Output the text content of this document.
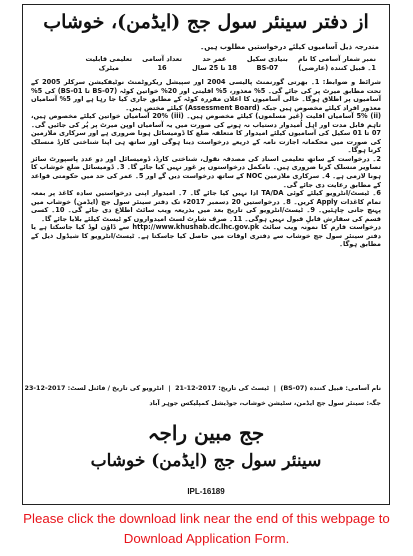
از دفتر سینئر سول جج (ایڈمن)، خوشاب
مندرجہ ذیل آسامیوں کیلئے درخواستیں مطلوب ہیں۔
نمبر شمار آسامی کا نام	بنیادی سکیل	عمر حد	تعداد آسامی	تعلیمی قابلیت
1۔ قبیل کنندہ (عارضی)	BS-07	18 تا 25 سال	16	میٹرک

شرائط و ضوابط: 1۔ بھرتی گورنمنٹ پالیسی 2004 اور سپیشل ریکروٹمنٹ نوٹیفکیشن سرکلر 2005 کے تحت مطابق میرٹ پر کی جائے گی۔ 5% معذور، 5% اقلیتی اور 20% خواتین کوٹہ (BS-07 تا BS-01) کی 5% آسامیوں پر اطلاق ہوگا۔ خالی آسامیوں کا اعلان مقررہ کوٹہ کے مطابق جاری کیا جا رہا ہے اور 5% آسامیاں معذور افراد کیلئے مخصوص ہیں جبکہ (Assessment Board) کیلئے مختص ہیں۔

(ii) 5% آسامیاں اقلیت (غیر مسلموں) کیلئے مخصوص ہیں۔ (iii) 20% آسامیاں خواتین کیلئے مخصوص ہیں، تاہم قابل مدت اور اہل اُمیدوار دستیاب نہ ہونے کی صورت میں یہ آسامیاں اوپن میرٹ پر پُر کی جائیں گی۔ 07 تا 01 سکیل کی آسامیوں کیلئے امیدوار کا متعلقہ ضلع کا ڈومیسائل ہونا ضروری ہے اور سرکاری ملازمین کی صورت میں محکمانہ اجازت نامہ کے ذریعے درخواست دینا ہوگی اور ساتھ ہی اپنا شناختی کارڈ منسلک کرنا ہوگا۔

2۔ درخواست کے ساتھ تعلیمی اسناد کی مصدقہ نقول، شناختی کارڈ، ڈومیسائل اور دو عدد پاسپورٹ سائز تصاویر منسلک کرنا ضروری ہیں۔ نامکمل درخواستوں پر غور نہیں کیا جائے گا۔ 3۔ ڈومیسائل ضلع خوشاب کا ہونا لازمی ہے۔ 4۔ سرکاری ملازمین NOC کے ساتھ درخواست دیں گے اور 5۔ عمر کی حد میں حکومتی قواعد کے مطابق رعایت دی جائے گی۔

6۔ ٹیسٹ/انٹرویو کیلئے کوئی TA/DA ادا نہیں کیا جائے گا۔ 7۔ امیدوار اپنی درخواستیں سادہ کاغذ پر بمعہ تمام کاغذات Apply کریں۔ 8۔ درخواستیں 20 دسمبر 2017ء تک دفتر سینئر سول جج (ایڈمن) خوشاب میں پہنچ جانی چاہئیں۔ 9۔ ٹیسٹ/انٹرویو کی تاریخ بعد میں بذریعہ ویب سائٹ اطلاع دی جائے گی۔ 10۔ کسی قسم کی سفارش قابلِ قبول نہیں ہوگی۔ 11۔ صرف شارٹ لسٹ امیدواروں کو ٹیسٹ کیلئے بلایا جائے گا۔

درخواست فارم کا نمونہ ویب سائٹ http://www.khushab.dc.lhc.gov.pk سے ڈاؤن لوڈ کیا جاسکتا ہے یا دفتر سینئر سول جج خوشاب سے دفتری اوقات میں حاصل کیا جاسکتا ہے۔ ٹیسٹ/انٹرویو کا شیڈول ذیل کے مطابق ہوگا۔

نام آسامی: قبیل کنندہ (BS-07)  |  ٹیسٹ کی تاریخ: 21-12-2017  |  انٹرویو کی تاریخ / فائنل لسٹ: 23-12-2017
جگہ: سینئر سول جج ایڈمن، سٹیشن خوشاب، جوڈیشل کمپلیکس جوہر آباد
جج مبین راجہ
سینئر سول جج (ایڈمن) خوشاب
IPL-16189
Please click the download link near the end of this webpage to Download Application Form.
